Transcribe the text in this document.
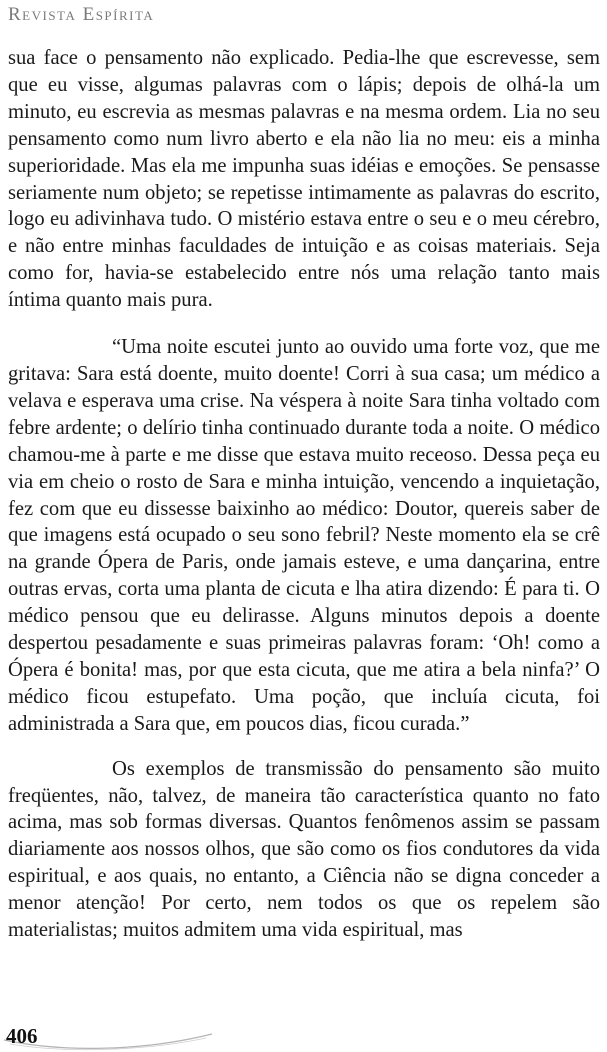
Revista Espírita

sua face o pensamento não explicado. Pedia-lhe que escrevesse, sem que eu visse, algumas palavras com o lápis; depois de olhá-la um minuto, eu escrevia as mesmas palavras e na mesma ordem. Lia no seu pensamento como num livro aberto e ela não lia no meu: eis a minha superioridade. Mas ela me impunha suas idéias e emoções. Se pensasse seriamente num objeto; se repetisse intimamente as palavras do escrito, logo eu adivinhava tudo. O mistério estava entre o seu e o meu cérebro, e não entre minhas faculdades de intuição e as coisas materiais. Seja como for, havia-se estabelecido entre nós uma relação tanto mais íntima quanto mais pura.

“Uma noite escutei junto ao ouvido uma forte voz, que me gritava: Sara está doente, muito doente! Corri à sua casa; um médico a velava e esperava uma crise. Na véspera à noite Sara tinha voltado com febre ardente; o delírio tinha continuado durante toda a noite. O médico chamou-me à parte e me disse que estava muito receoso. Dessa peça eu via em cheio o rosto de Sara e minha intuição, vencendo a inquietação, fez com que eu dissesse baixinho ao médico: Doutor, quereis saber de que imagens está ocupado o seu sono febril? Neste momento ela se crê na grande Ópera de Paris, onde jamais esteve, e uma dançarina, entre outras ervas, corta uma planta de cicuta e lha atira dizendo: É para ti. O médico pensou que eu delirasse. Alguns minutos depois a doente despertou pesadamente e suas primeiras palavras foram: ‘Oh! como a Ópera é bonita! mas, por que esta cicuta, que me atira a bela ninfa?’ O médico ficou estupefato. Uma poção, que incluía cicuta, foi administrada a Sara que, em poucos dias, ficou curada.”

Os exemplos de transmissão do pensamento são muito freqüentes, não, talvez, de maneira tão característica quanto no fato acima, mas sob formas diversas. Quantos fenômenos assim se passam diariamente aos nossos olhos, que são como os fios condutores da vida espiritual, e aos quais, no entanto, a Ciência não se digna conceder a menor atenção! Por certo, nem todos os que os repelem são materialistas; muitos admitem uma vida espiritual, mas

406
